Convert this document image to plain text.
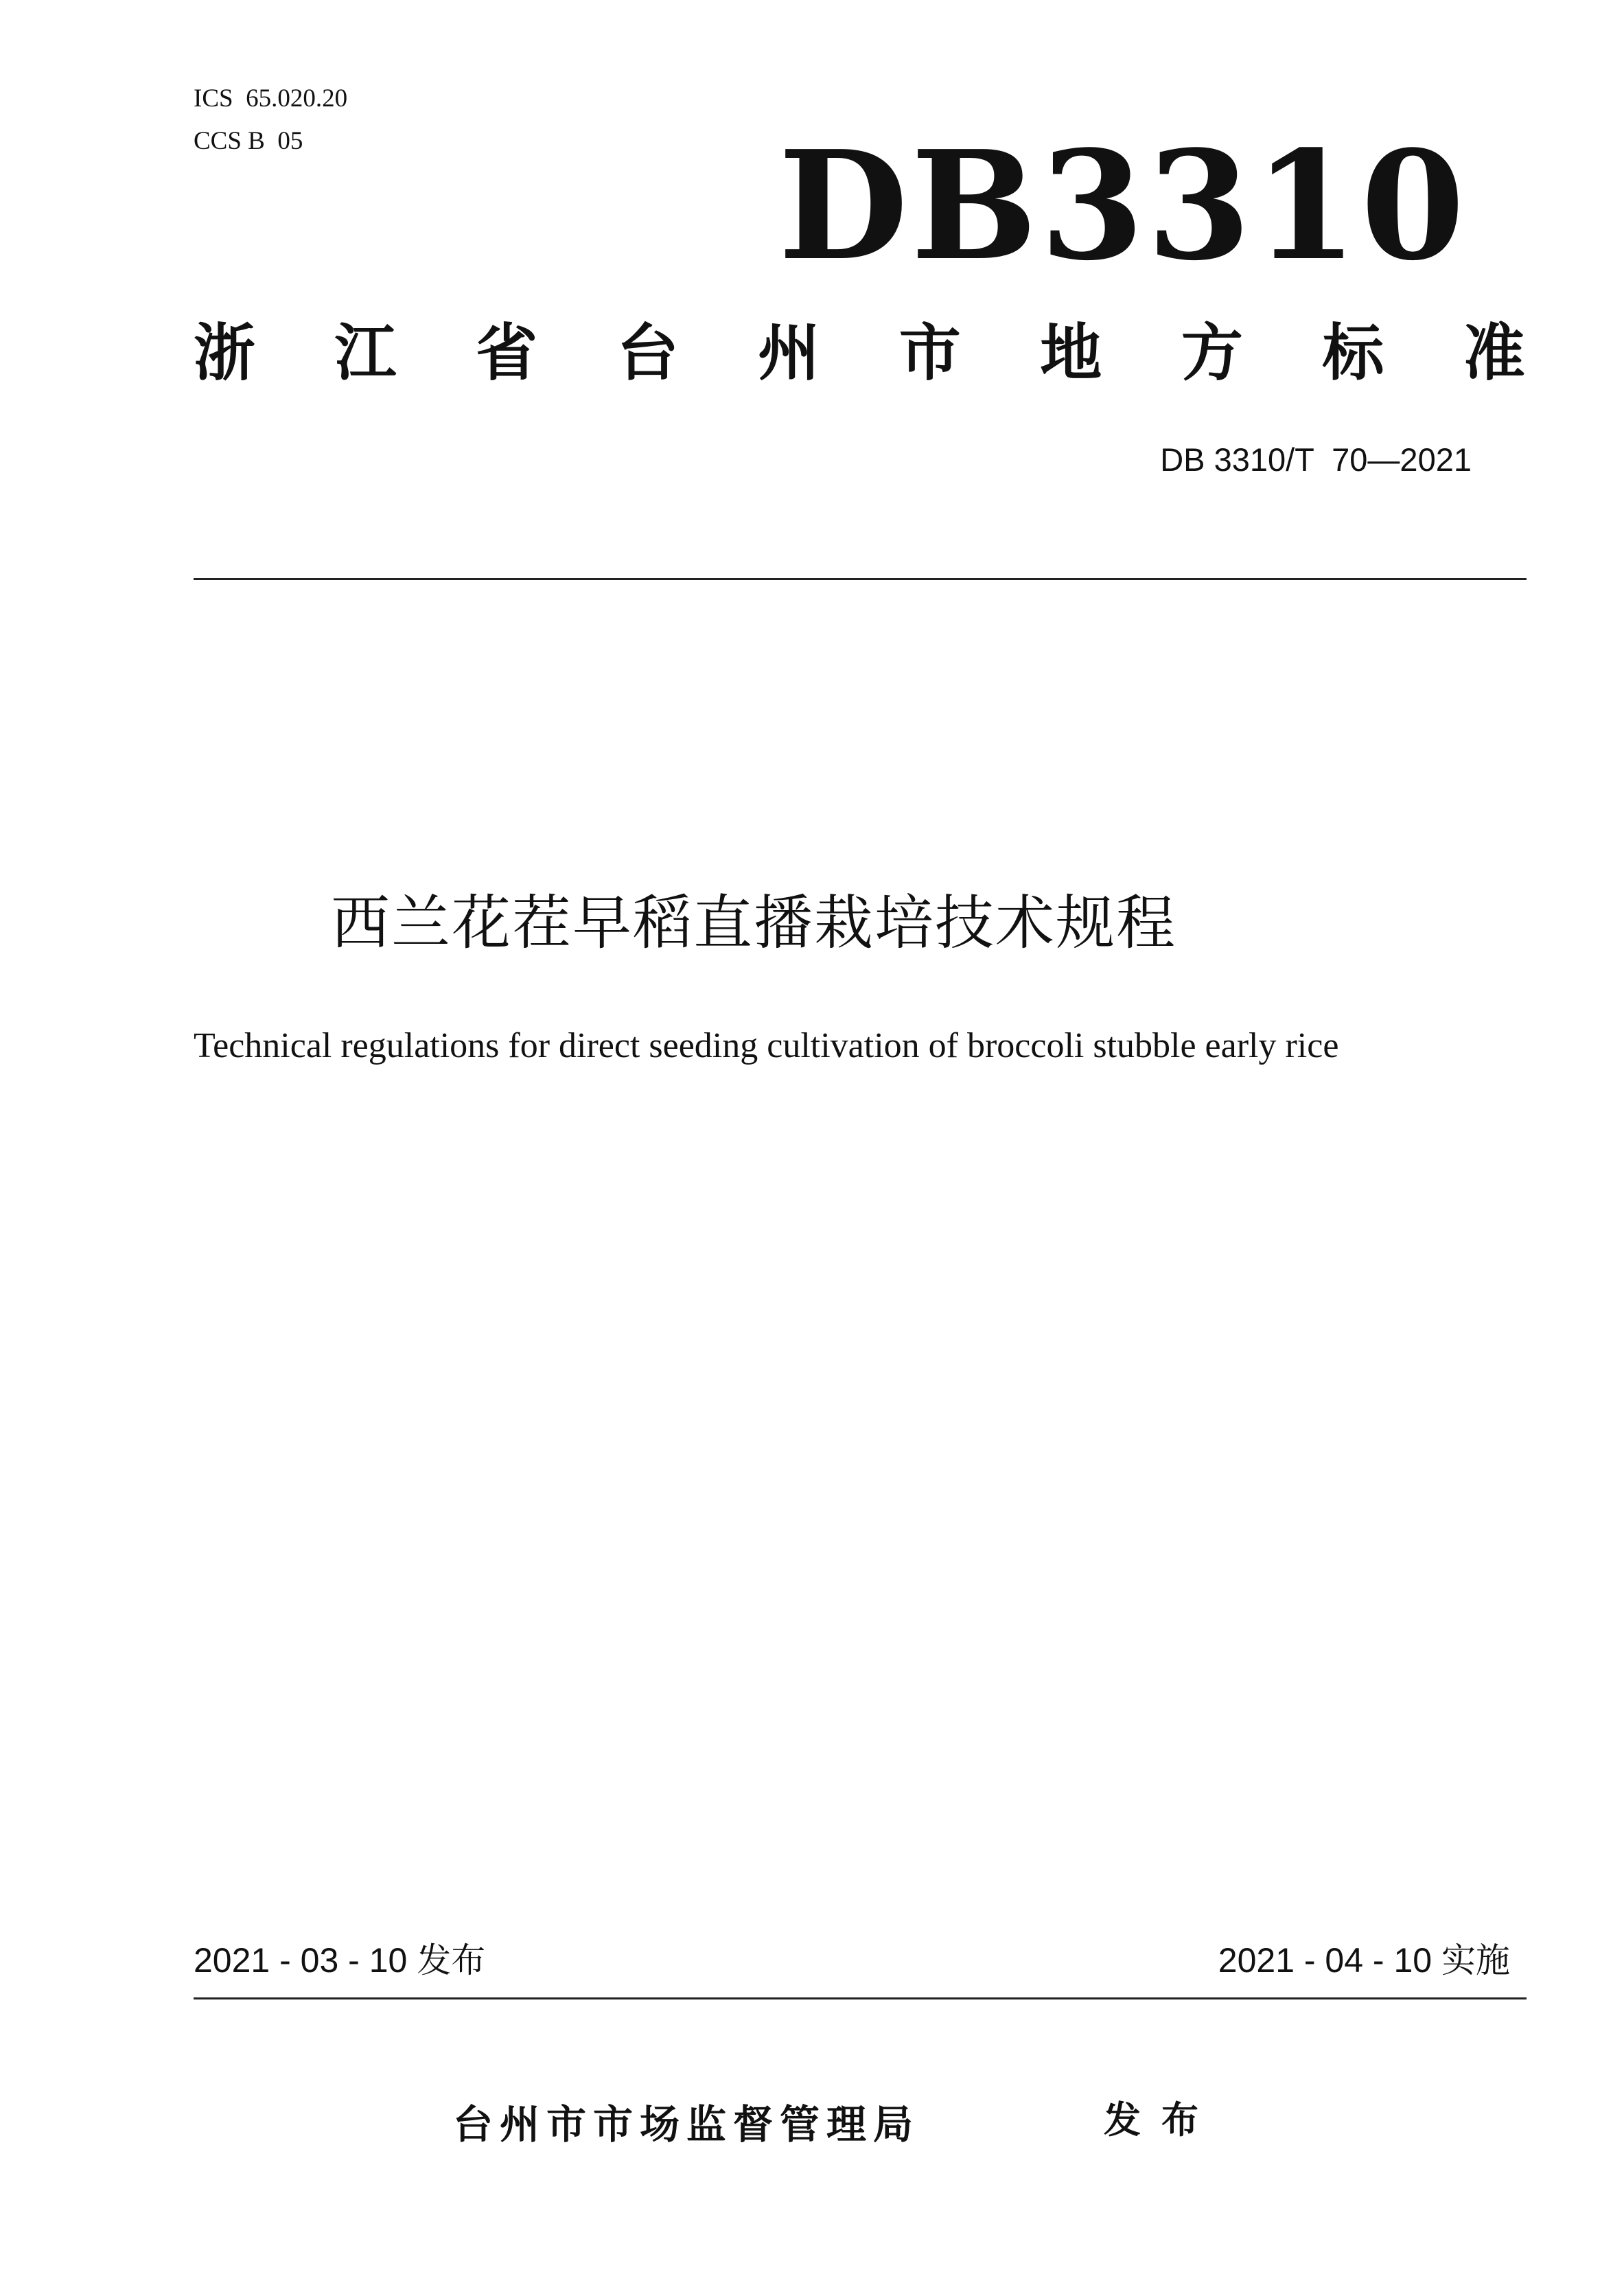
ICS  65.020.20
CCS B  05	DB3310
浙 江 省 台 州 市 地 方 标 准
DB 3310/T  70—2021
西兰花茬早稻直播栽培技术规程
Technical regulations for direct seeding cultivation of broccoli stubble early rice
2021 - 03 - 10 发布	2021 - 04 - 10 实施
台州市市场监督管理局	发布
